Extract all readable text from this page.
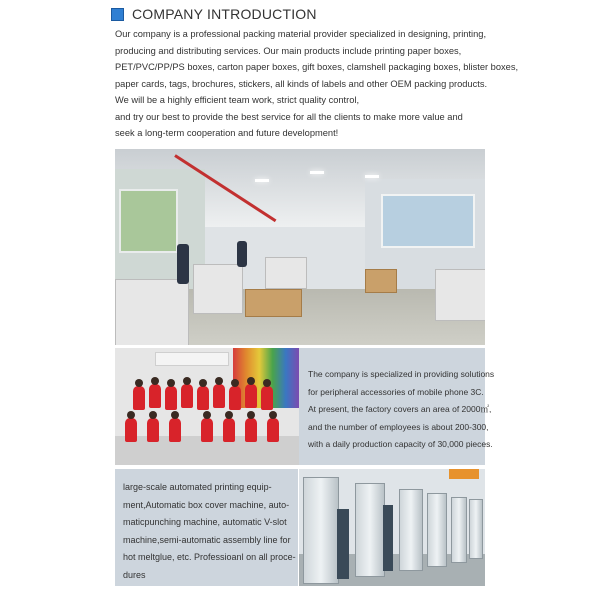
COMPANY INTRODUCTION

Our company is a professional packing material provider specialized in designing, printing,

producing and distributing services. Our main products include printing paper boxes,

PET/PVC/PP/PS boxes, carton paper boxes, gift boxes, clamshell packaging boxes, blister boxes,

paper cards, tags, brochures, stickers, all kinds of labels and other OEM packing products.

We will be a highly efficient team work, strict quality control,

and try our best to provide the best service for all the clients to make more value and

seek a long-term cooperation and future development!

The company is specialized in providing solutions

for peripheral accessories of mobile phone 3C.

At present, the factory covers an area of 2000㎡,

and the number of employees is about 200-300,

with a daily production capacity of 30,000 pieces.

large-scale automated printing equip-

ment,Automatic box cover machine, auto-

maticpunching machine, automatic V-slot

machine,semi-automatic assembly line for

hot meltglue, etc. Professioanl on all proce-

dures
